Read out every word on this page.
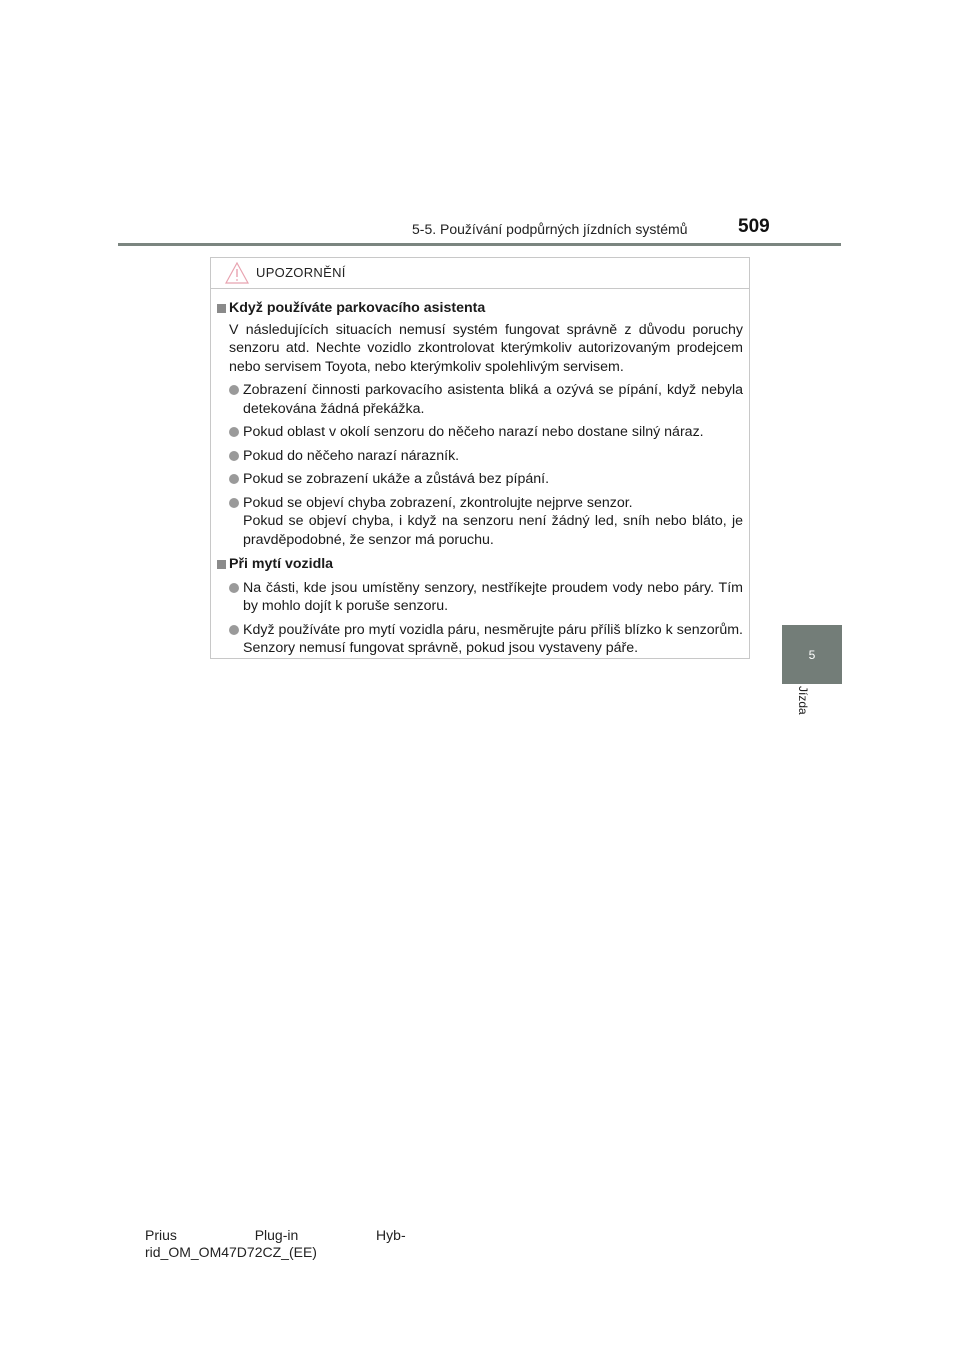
5-5. Používání podpůrných jízdních systémů	509
5
Jízda
UPOZORNĚNÍ
Když používáte parkovacího asistenta
V následujících situacích nemusí systém fungovat správně z důvodu poruchy senzoru atd. Nechte vozidlo zkontrolovat kterýmkoliv autorizovaným prodejcem nebo servisem Toyota, nebo kterýmkoliv spolehlivým servisem.
Zobrazení činnosti parkovacího asistenta bliká a ozývá se pípání, když nebyla detekována žádná překážka.
Pokud oblast v okolí senzoru do něčeho narazí nebo dostane silný náraz.
Pokud do něčeho narazí nárazník.
Pokud se zobrazení ukáže a zůstává bez pípání.
Pokud se objeví chyba zobrazení, zkontrolujte nejprve senzor.
Pokud se objeví chyba, i když na senzoru není žádný led, sníh nebo bláto, je pravděpodobné, že senzor má poruchu.
Při mytí vozidla
Na části, kde jsou umístěny senzory, nestříkejte proudem vody nebo páry. Tím by mohlo dojít k poruše senzoru.
Když používáte pro mytí vozidla páru, nesměrujte páru příliš blízko k senzorům. Senzory nemusí fungovat správně, pokud jsou vystaveny páře.
Prius                    Plug-in                    Hyb-
rid_OM_OM47D72CZ_(EE)
